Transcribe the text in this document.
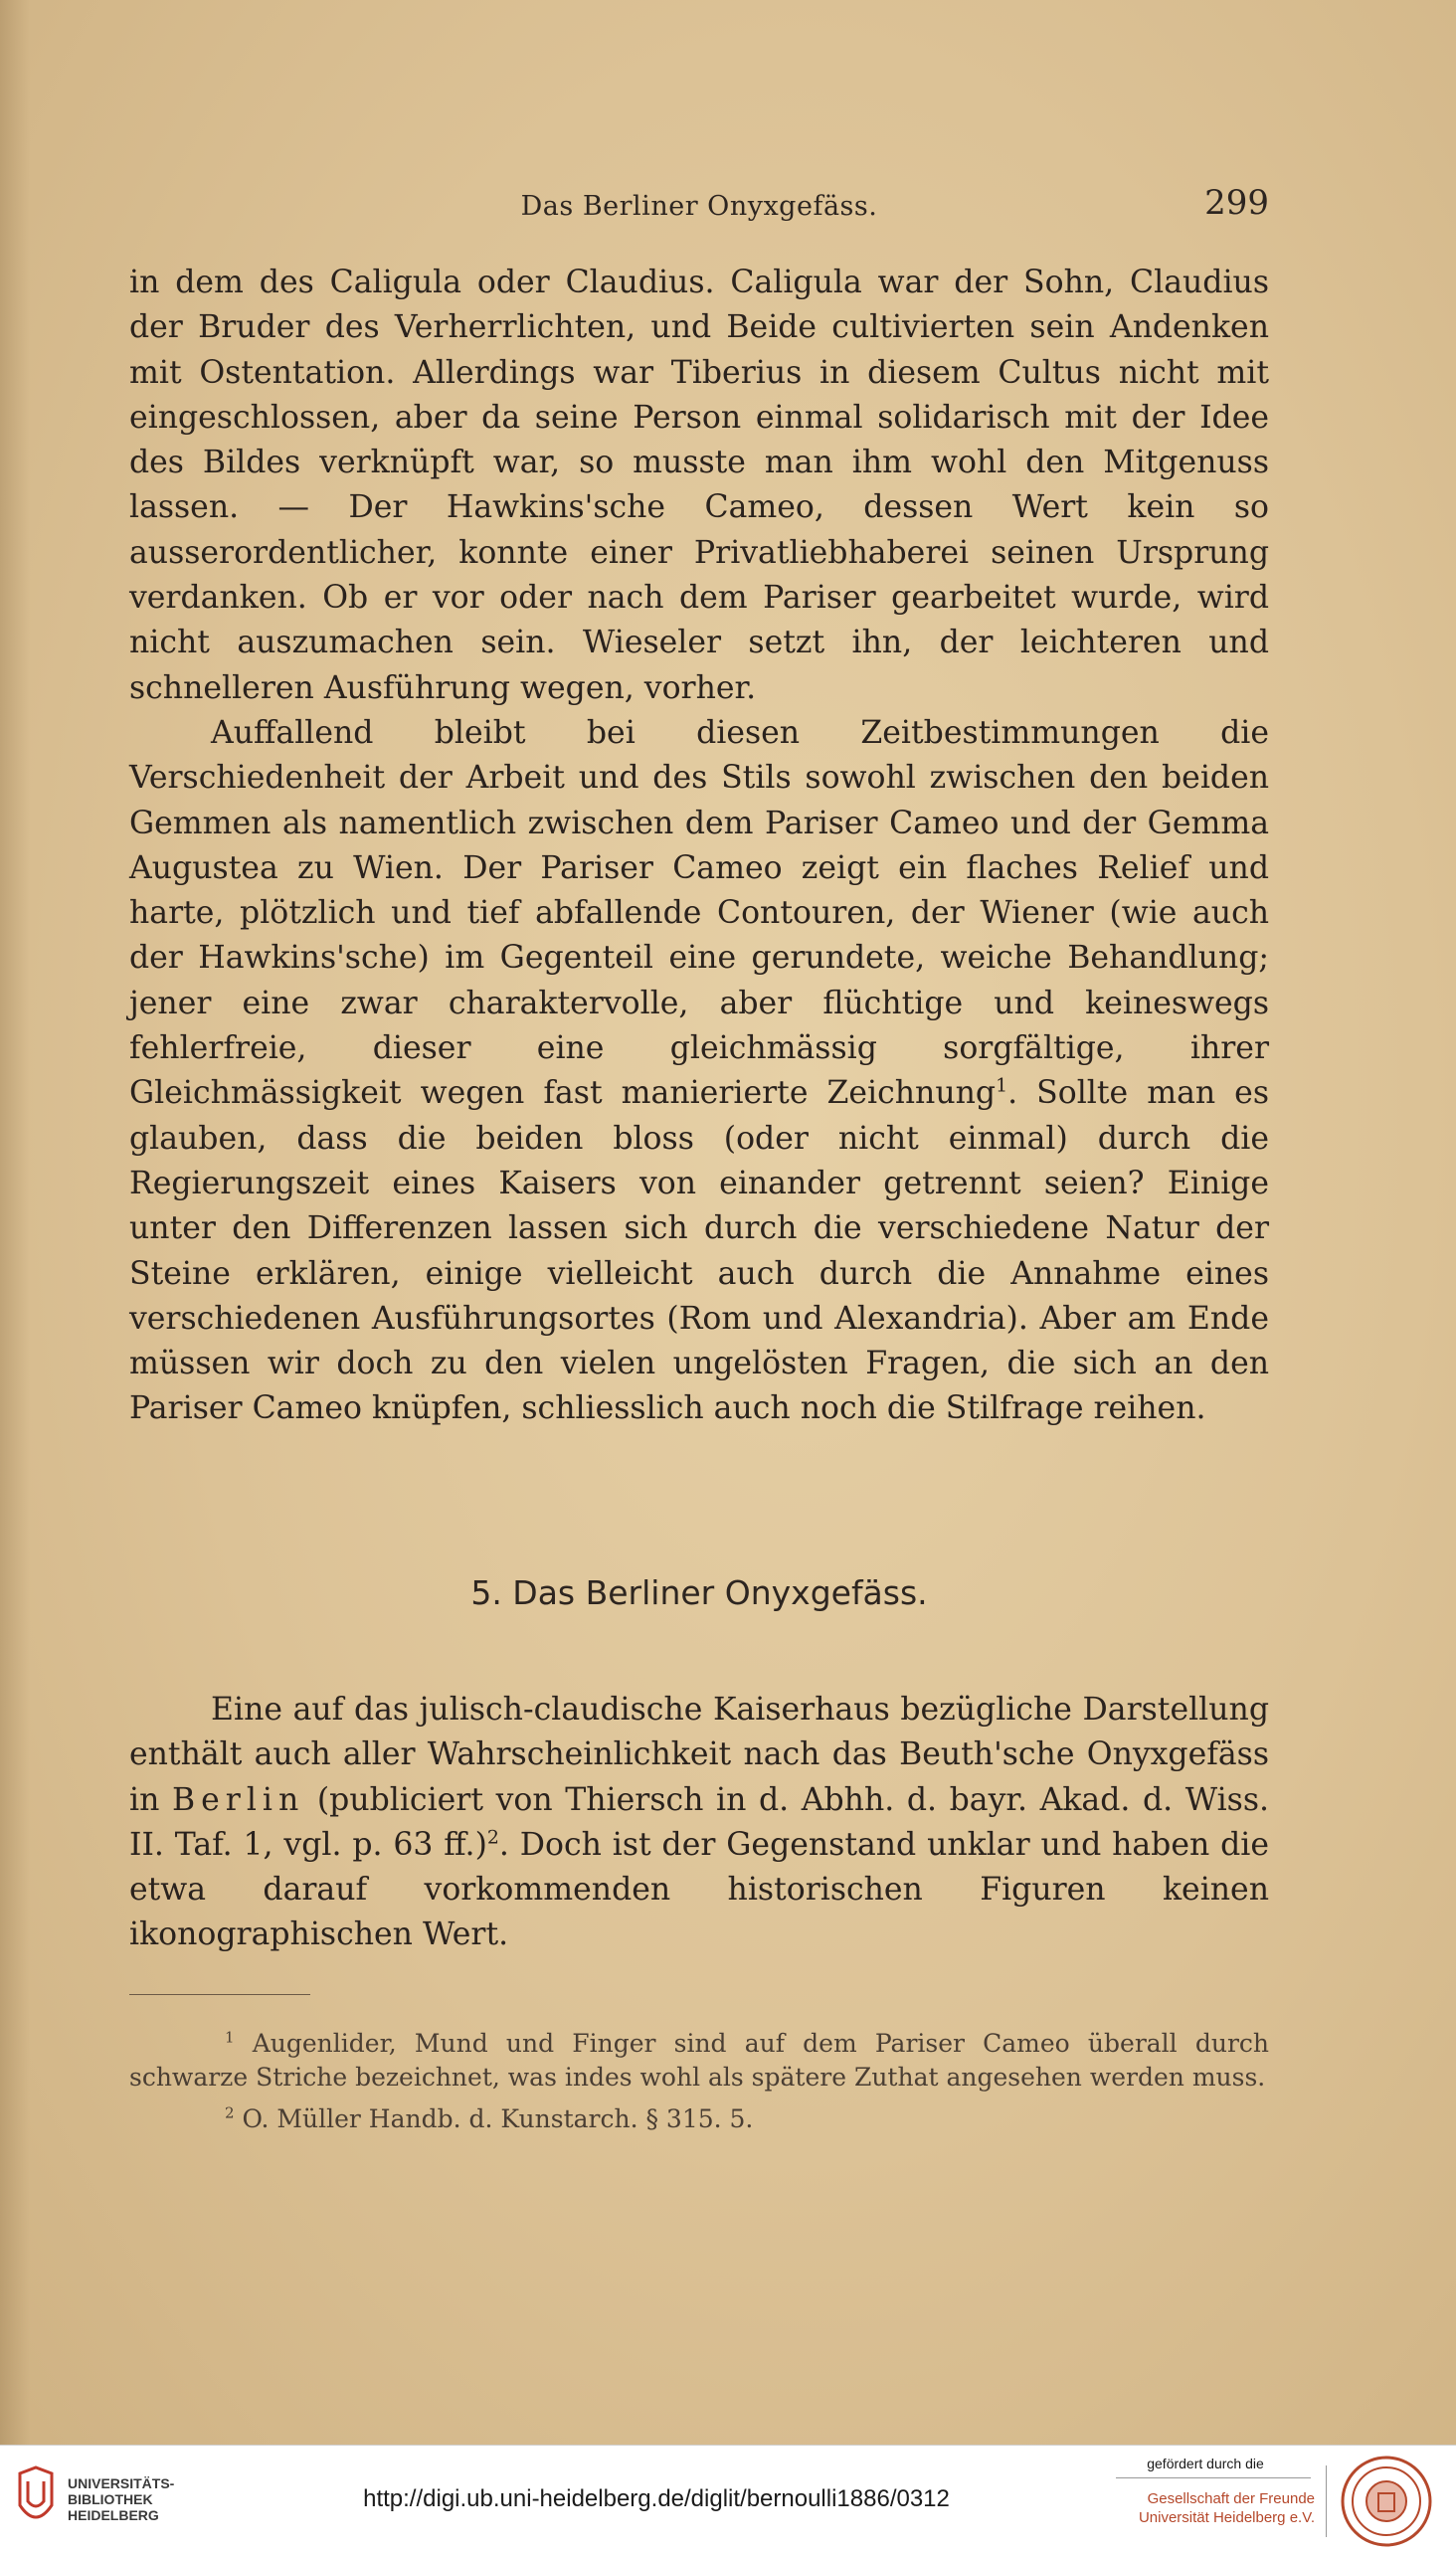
Das Berliner Onyxgefäss.	299

in dem des Caligula oder Claudius. Caligula war der Sohn, Claudius der Bruder des Verherrlichten, und Beide cultivierten sein Andenken mit Ostentation. Allerdings war Tiberius in diesem Cultus nicht mit eingeschlossen, aber da seine Person einmal solidarisch mit der Idee des Bildes verknüpft war, so musste man ihm wohl den Mitgenuss lassen. — Der Hawkins'sche Cameo, dessen Wert kein so ausserordentlicher, konnte einer Privatliebhaberei seinen Ursprung verdanken. Ob er vor oder nach dem Pariser gearbeitet wurde, wird nicht auszumachen sein. Wieseler setzt ihn, der leichteren und schnelleren Ausführung wegen, vorher.

Auffallend bleibt bei diesen Zeitbestimmungen die Verschiedenheit der Arbeit und des Stils sowohl zwischen den beiden Gemmen als namentlich zwischen dem Pariser Cameo und der Gemma Augustea zu Wien. Der Pariser Cameo zeigt ein flaches Relief und harte, plötzlich und tief abfallende Contouren, der Wiener (wie auch der Hawkins'sche) im Gegenteil eine gerundete, weiche Behandlung; jener eine zwar charaktervolle, aber flüchtige und keineswegs fehlerfreie, dieser eine gleichmässig sorgfältige, ihrer Gleichmässigkeit wegen fast manierierte Zeichnung$^1$. Sollte man es glauben, dass die beiden bloss (oder nicht einmal) durch die Regierungszeit eines Kaisers von einander getrennt seien? Einige unter den Differenzen lassen sich durch die verschiedene Natur der Steine erklären, einige vielleicht auch durch die Annahme eines verschiedenen Ausführungsortes (Rom und Alexandria). Aber am Ende müssen wir doch zu den vielen ungelösten Fragen, die sich an den Pariser Cameo knüpfen, schliesslich auch noch die Stilfrage reihen.

5. Das Berliner Onyxgefäss.

Eine auf das julisch-claudische Kaiserhaus bezügliche Darstellung enthält auch aller Wahrscheinlichkeit nach das Beuth'sche Onyxgefäss in Berlin (publiciert von Thiersch in d. Abhh. d. bayr. Akad. d. Wiss. II. Taf. 1, vgl. p. 63 ff.)$^2$. Doch ist der Gegenstand unklar und haben die etwa darauf vorkommenden historischen Figuren keinen ikonographischen Wert.

$^1$ Augenlider, Mund und Finger sind auf dem Pariser Cameo überall durch schwarze Striche bezeichnet, was indes wohl als spätere Zuthat angesehen werden muss.

$^2$ O. Müller Handb. d. Kunstarch. § 315. 5.

UNIVERSITÄTS-
BIBLIOTHEK
HEIDELBERG
http://digi.ub.uni-heidelberg.de/diglit/bernoulli1886/0312
gefördert durch die
Gesellschaft der Freunde
Universität Heidelberg e.V.
